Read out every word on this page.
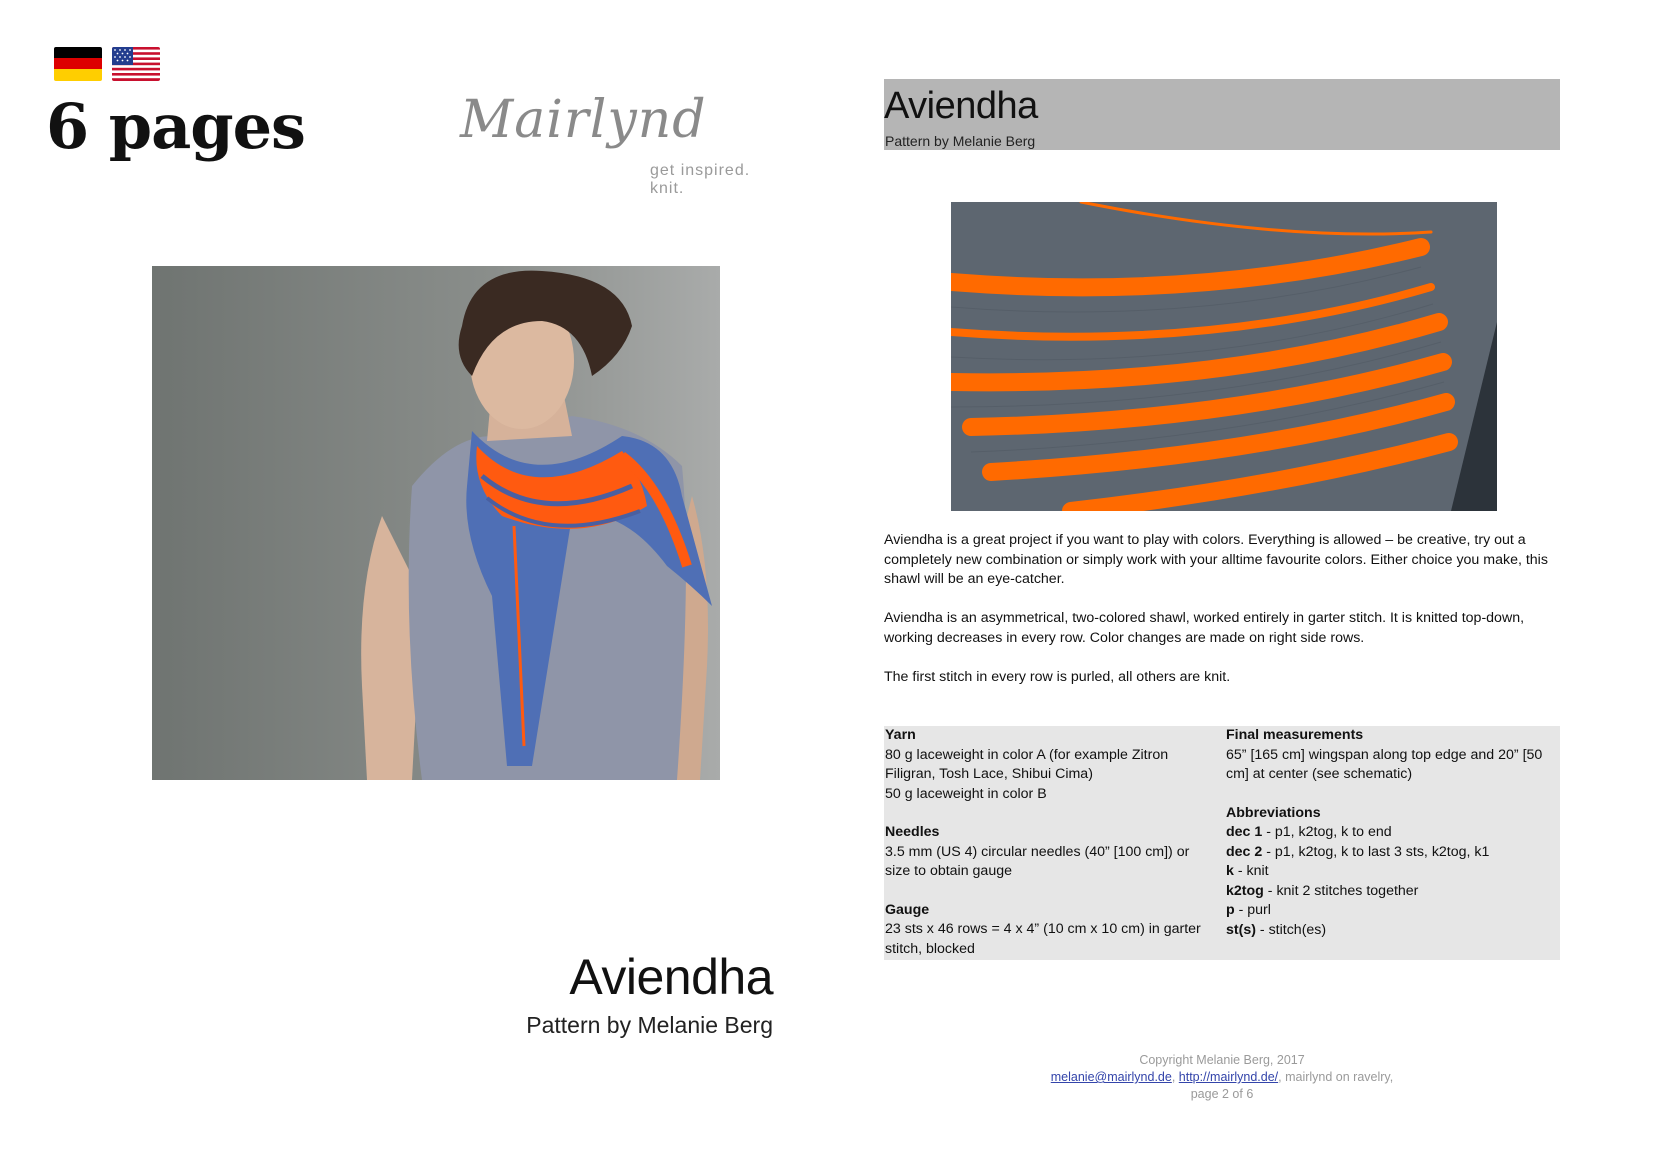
6 pages	Mairlynd
get inspired. knit.
Aviendha
Pattern by Melanie Berg
Aviendha
Pattern by Melanie Berg
Aviendha is a great project if you want to play with colors. Everything is allowed – be creative, try out a completely new combination or simply work with your alltime favourite colors. Either choice you make, this shawl will be an eye-catcher.
Aviendha is an asymmetrical, two-colored shawl, worked entirely in garter stitch. It is knitted top-down, working decreases in every row. Color changes are made on right side rows.
The first stitch in every row is purled, all others are knit.
Yarn
80 g laceweight in color A (for example Zitron Filigran, Tosh Lace, Shibui Cima)
50 g laceweight in color B
Needles
3.5 mm (US 4) circular needles (40” [100 cm]) or size to obtain gauge
Gauge
23 sts x 46 rows = 4 x 4” (10 cm x 10 cm) in garter stitch, blocked
Final measurements
65” [165 cm] wingspan along top edge and 20” [50 cm] at center (see schematic)
Abbreviations
dec 1 - p1, k2tog, k to end
dec 2 - p1, k2tog, k to last 3 sts, k2tog, k1
k - knit
k2tog - knit 2 stitches together
p - purl
st(s) - stitch(es)
Copyright Melanie Berg, 2017
melanie@mairlynd.de, http://mairlynd.de/, mairlynd on ravelry,
page 2 of 6
